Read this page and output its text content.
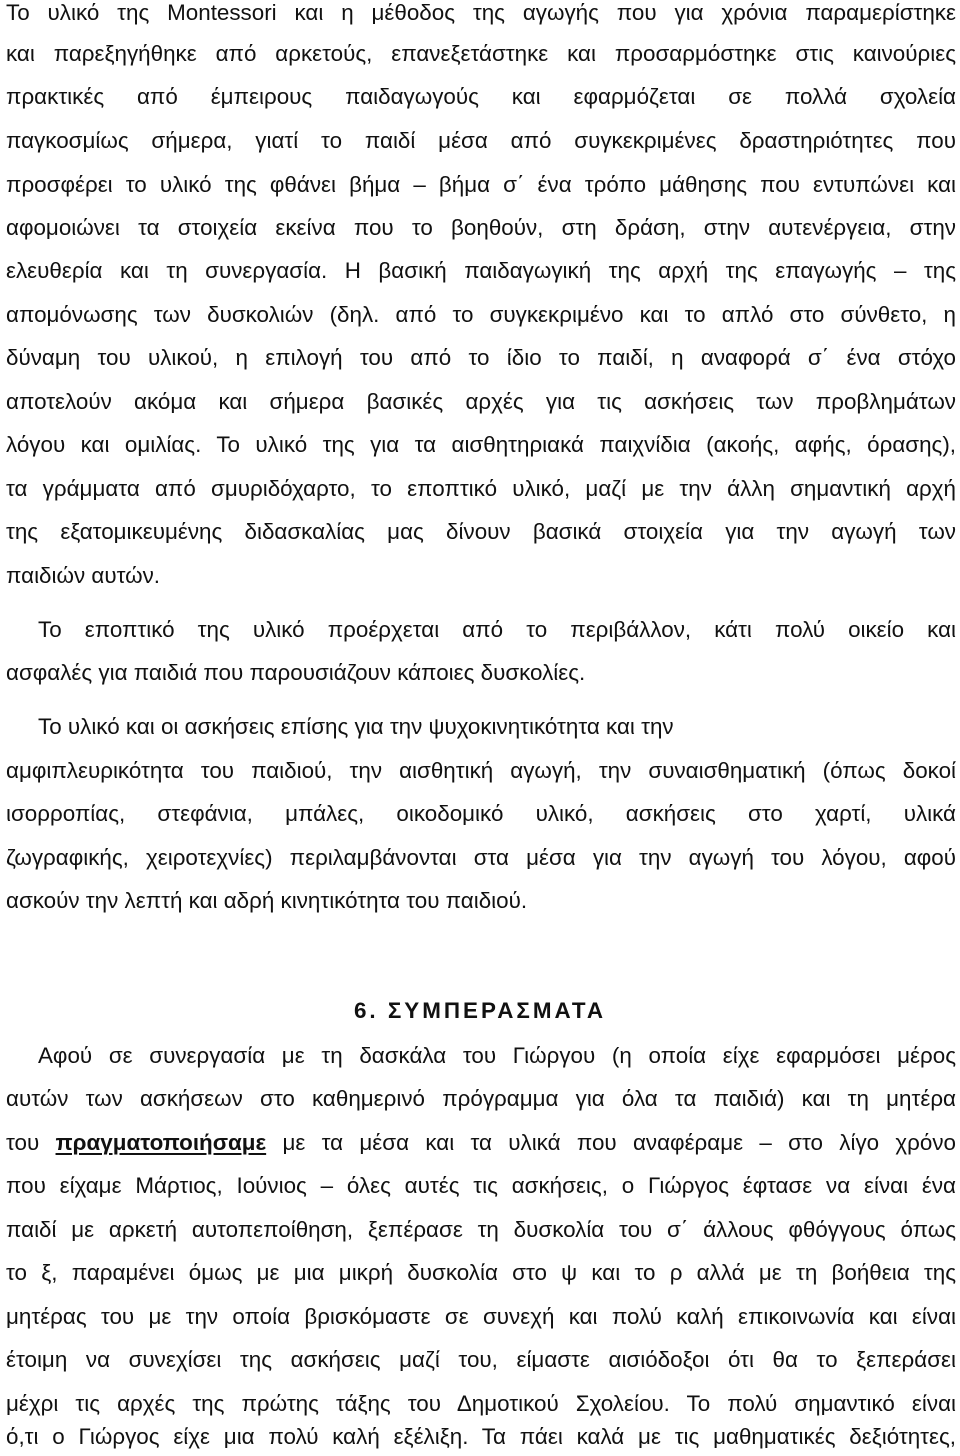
Το υλικό της Montessori και η μέθοδος της αγωγής που για χρόνια παραμερίστηκε
και παρεξηγήθηκε από αρκετούς, επανεξετάστηκε και προσαρμόστηκε στις καινούριες
πρακτικές από έμπειρους παιδαγωγούς και εφαρμόζεται σε πολλά σχολεία
παγκοσμίως σήμερα, γιατί το παιδί μέσα από συγκεκριμένες δραστηριότητες που
προσφέρει το υλικό της φθάνει βήμα – βήμα σ΄ ένα τρόπο μάθησης που εντυπώνει και
αφομοιώνει τα στοιχεία εκείνα που το βοηθούν, στη δράση, στην αυτενέργεια, στην
ελευθερία και τη συνεργασία. Η βασική παιδαγωγική της αρχή της επαγωγής – της
απομόνωσης των δυσκολιών (δηλ. από το συγκεκριμένο και το απλό στο σύνθετο, η
δύναμη του υλικού, η επιλογή του από το ίδιο το παιδί, η αναφορά σ΄ ένα στόχο
αποτελούν ακόμα και σήμερα βασικές αρχές για τις ασκήσεις των προβλημάτων
λόγου και ομιλίας. Το υλικό της για τα αισθητηριακά παιχνίδια (ακοής, αφής, όρασης),
τα γράμματα από σμυριδόχαρτο, το εποπτικό υλικό, μαζί με την άλλη σημαντική αρχή
της εξατομικευμένης διδασκαλίας μας δίνουν βασικά στοιχεία για την αγωγή των
παιδιών αυτών.
Το εποπτικό της υλικό προέρχεται από το περιβάλλον, κάτι πολύ οικείο και
ασφαλές για παιδιά που παρουσιάζουν κάποιες δυσκολίες.
Το υλικό και οι ασκήσεις επίσης για την ψυχοκινητικότητα και την
αμφιπλευρικότητα του παιδιού, την αισθητική αγωγή, την συναισθηματική (όπως δοκοί
ισορροπίας, στεφάνια, μπάλες, οικοδομικό υλικό, ασκήσεις στο χαρτί, υλικά
ζωγραφικής, χειροτεχνίες) περιλαμβάνονται στα μέσα για την αγωγή του λόγου, αφού
ασκούν την λεπτή και αδρή κινητικότητα του παιδιού.
6. ΣΥΜΠΕΡΑΣΜΑΤΑ
Αφού σε συνεργασία με τη δασκάλα του Γιώργου (η οποία είχε εφαρμόσει μέρος
αυτών των ασκήσεων στο καθημερινό πρόγραμμα για όλα τα παιδιά) και τη μητέρα
του πραγματοποιήσαμε με τα μέσα και τα υλικά που αναφέραμε – στο λίγο χρόνο
που είχαμε Μάρτιος, Ιούνιος – όλες αυτές τις ασκήσεις, ο Γιώργος έφτασε να είναι ένα
παιδί με αρκετή αυτοπεποίθηση, ξεπέρασε τη δυσκολία του σ΄ άλλους φθόγγους όπως
το ξ, παραμένει όμως με μια μικρή δυσκολία στο ψ και το ρ αλλά με τη βοήθεια της
μητέρας του με την οποία βρισκόμαστε σε συνεχή και πολύ καλή επικοινωνία και είναι
έτοιμη να συνεχίσει της ασκήσεις μαζί του, είμαστε αισιόδοξοι ότι θα το ξεπεράσει
μέχρι τις αρχές της πρώτης τάξης του Δημοτικού Σχολείου. Το πολύ σημαντικό είναι
ό,τι ο Γιώργος είχε μια πολύ καλή εξέλιξη. Τα πάει καλά με τις μαθηματικές δεξιότητες,
